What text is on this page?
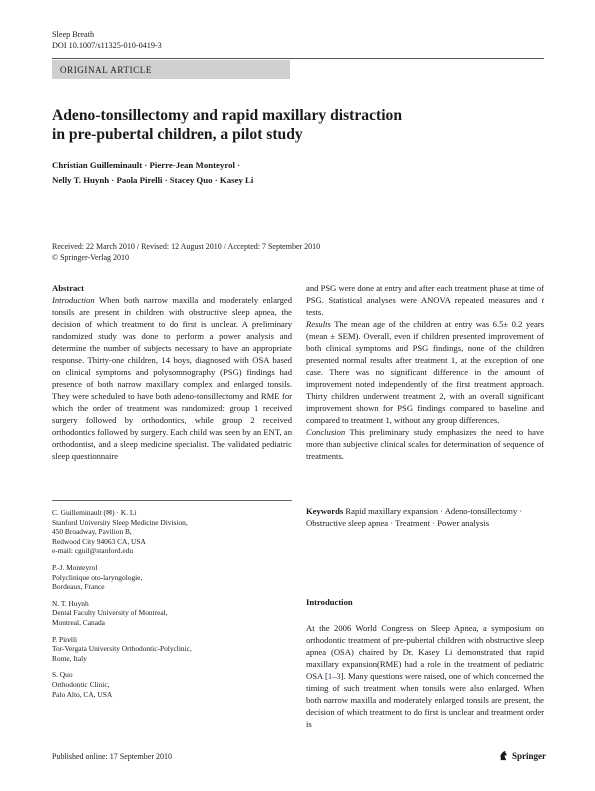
Sleep Breath
DOI 10.1007/s11325-010-0419-3
ORIGINAL ARTICLE
Adeno-tonsillectomy and rapid maxillary distraction
in pre-pubertal children, a pilot study
Christian Guilleminault · Pierre-Jean Monteyrol ·
Nelly T. Huynh · Paola Pirelli · Stacey Quo · Kasey Li
Received: 22 March 2010 / Revised: 12 August 2010 / Accepted: 7 September 2010
© Springer-Verlag 2010

Abstract

Introduction When both narrow maxilla and moderately enlarged tonsils are present in children with obstructive sleep apnea, the decision of which treatment to do first is unclear. A preliminary randomized study was done to perform a power analysis and determine the number of subjects necessary to have an appropriate response. Thirty-one children, 14 boys, diagnosed with OSA based on clinical symptoms and polysomnography (PSG) findings had presence of both narrow maxillary complex and enlarged tonsils. They were scheduled to have both adeno-tonsillectomy and RME for which the order of treatment was randomized: group 1 received surgery followed by orthodontics, while group 2 received orthodontics followed by surgery. Each child was seen by an ENT, an orthodontist, and a sleep medicine specialist. The validated pediatric sleep questionnaire

and PSG were done at entry and after each treatment phase at time of PSG. Statistical analyses were ANOVA repeated measures and t tests.

Results The mean age of the children at entry was 6.5± 0.2 years (mean ± SEM). Overall, even if children presented improvement of both clinical symptoms and PSG findings, none of the children presented normal results after treatment 1, at the exception of one case. There was no significant difference in the amount of improvement noted independently of the first treatment approach. Thirty children underwent treatment 2, with an overall significant improvement shown for PSG findings compared to baseline and compared to treatment 1, without any group differences.

Conclusion This preliminary study emphasizes the need to have more than subjective clinical scales for determination of sequence of treatments.

C. Guilleminault (✉) · K. Li
Stanford University Sleep Medicine Division,
450 Broadway, Pavilion B,
Redwood City 94063 CA, USA
e-mail: cguil@stanford.edu
P.-J. Monteyrol
Polyclinique oto-laryngologie,
Bordeaux, France
N. T. Huynh
Dental Faculty University of Montreal,
Montreal, Canada
P. Pirelli
Tor-Vergata University Orthodontic-Polyclinic,
Rome, Italy
S. Quo
Orthodontic Clinic,
Palo Alto, CA, USA
Keywords Rapid maxillary expansion · Adeno-tonsillectomy · Obstructive sleep apnea · Treatment · Power analysis
Introduction
At the 2006 World Congress on Sleep Apnea, a symposium on orthodontic treatment of pre-pubertal children with obstructive sleep apnea (OSA) chaired by Dr. Kasey Li demonstrated that rapid maxillary expansion(RME) had a role in the treatment of pediatric OSA [1–3]. Many questions were raised, one of which concerned the timing of such treatment when tonsils were also enlarged. When both narrow maxilla and moderately enlarged tonsils are present, the decision of which treatment to do first is unclear and treatment order is
Published online: 17 September 2010	Springer
